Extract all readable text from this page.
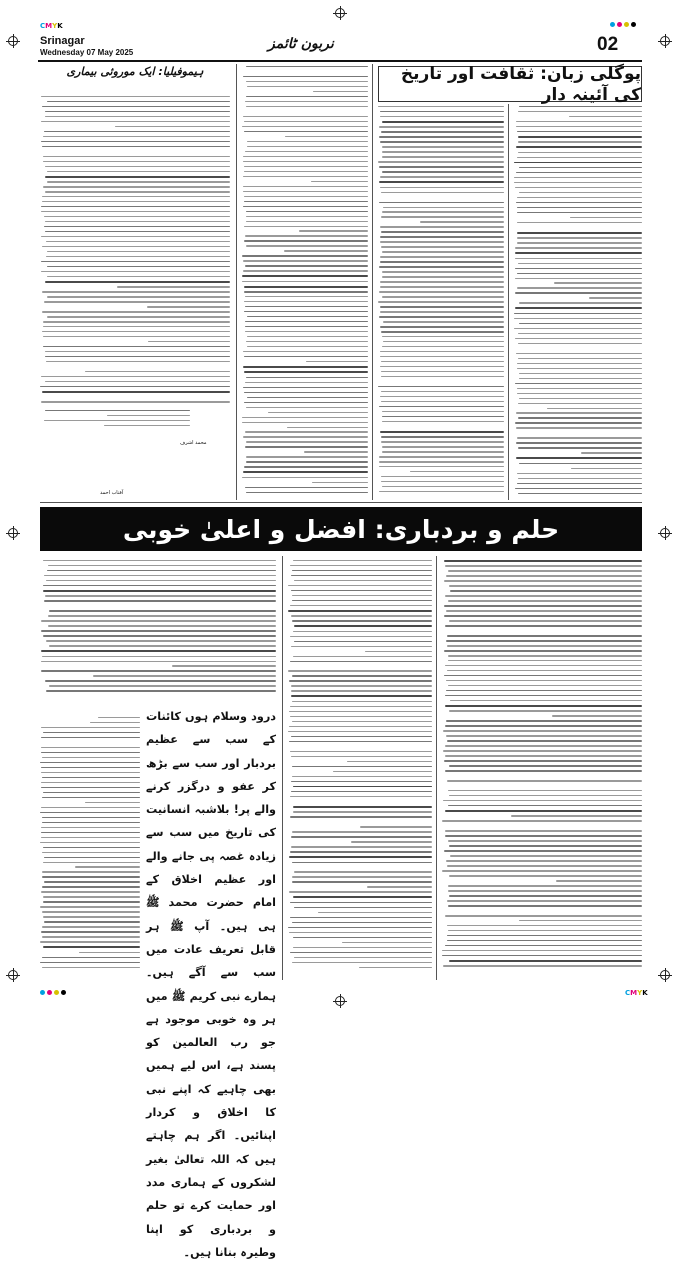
CMYK
CMYK
Srinagar
Wednesday 07 May 2025
نربون ٹائمز	02
پوگلی زبان: ثقافت اور تاریخ کی آئینہ دار
ہیموفیلیا: ایک موروثی بیماری
آفتاب احمد
محمد اشرف
حلم و بردباری: افضل و اعلیٰ خوبی
درود وسلام ہوں کائنات کے سب سے عظیم بردبار اور سب سے بڑھ کر عفو و درگزر کرنے والے پر! بلاشبہ انسانیت کی تاریخ میں سب سے زیادہ غصہ پی جانے والے اور عظیم اخلاق کے امام حضرت محمد ﷺ ہی ہیں۔ آپ ﷺ ہر قابل تعریف عادت میں سب سے آگے ہیں۔ ہمارے نبی کریم ﷺ میں ہر وہ خوبی موجود ہے جو رب العالمین کو پسند ہے، اس لیے ہمیں بھی چاہیے کہ اپنے نبی کا اخلاق و کردار اپنائیں۔ اگر ہم چاہتے ہیں کہ اللہ تعالیٰ بغیر لشکروں کے ہماری مدد اور حمایت کرے تو حلم و بردباری کو اپنا وطیرہ بنانا ہیں۔
